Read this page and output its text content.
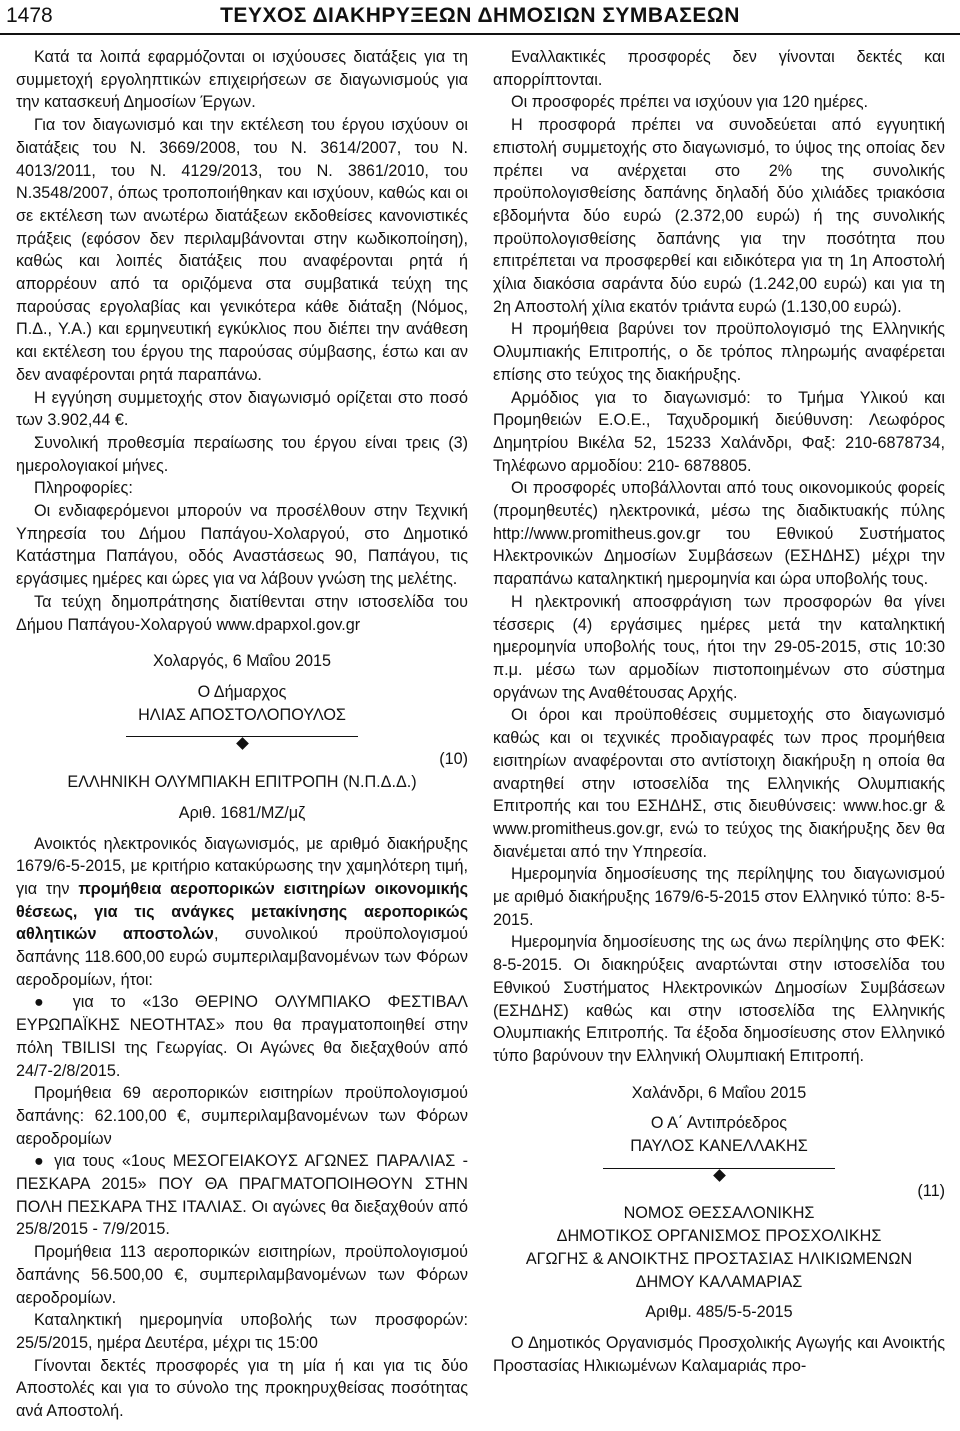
1478	ΤΕΥΧΟΣ ΔΙΑΚΗΡΥΞΕΩΝ ΔΗΜΟΣΙΩΝ ΣΥΜΒΑΣΕΩΝ

Κατά τα λοιπά εφαρμόζονται οι ισχύουσες διατάξεις για τη συμμετοχή εργοληπτικών επιχειρήσεων σε διαγωνισμούς για την κατασκευή Δημοσίων Έργων.

Για τον διαγωνισμό και την εκτέλεση του έργου ισχύουν οι διατάξεις του Ν. 3669/2008, του Ν. 3614/2007, του Ν. 4013/2011, του Ν. 4129/2013, του Ν. 3861/2010, του Ν.3548/2007, όπως τροποποιήθηκαν και ισχύουν, καθώς και οι σε εκτέλεση των ανωτέρω διατάξεων εκδοθείσες κανονιστικές πράξεις (εφόσον δεν περιλαμβάνονται στην κωδικοποίηση), καθώς και λοιπές διατάξεις που αναφέρονται ρητά ή απορρέουν από τα οριζόμενα στα συμβατικά τεύχη της παρούσας εργολαβίας και γενικότερα κάθε διάταξη (Νόμος, Π.Δ., Υ.Α.) και ερμηνευτική εγκύκλιος που διέπει την ανάθεση και εκτέλεση του έργου της παρούσας σύμβασης, έστω και αν δεν αναφέρονται ρητά παραπάνω.

Η εγγύηση συμμετοχής στον διαγωνισμό ορίζεται στο ποσό των 3.902,44 €.

Συνολική προθεσμία περαίωσης του έργου είναι τρεις (3) ημερολογιακοί μήνες.

Πληροφορίες:

Οι ενδιαφερόμενοι μπορούν να προσέλθουν στην Τεχνική Υπηρεσία του Δήμου Παπάγου-Χολαργού, στο Δημοτικό Κατάστημα Παπάγου, οδός Αναστάσεως 90, Παπάγου, τις εργάσιμες ημέρες και ώρες για να λάβουν γνώση της μελέτης.

Τα τεύχη δημοπράτησης διατίθενται στην ιστοσελίδα του Δήμου Παπάγου-Χολαργού www.dpapxol.gov.gr

Χολαργός, 6 Μαΐου 2015

Ο Δήμαρχος

ΗΛΙΑΣ ΑΠΟΣΤΟΛΟΠΟΥΛΟΣ

(10)

ΕΛΛΗΝΙΚΗ ΟΛΥΜΠΙΑΚΗ ΕΠΙΤΡΟΠΗ (Ν.Π.Δ.Δ.)

Αριθ. 1681/ΜΖ/μζ

Ανοικτός ηλεκτρονικός διαγωνισμός, με αριθμό διακήρυξης 1679/6-5-2015, με κριτήριο κατακύρωσης την χαμηλότερη τιμή, για την προμήθεια αεροπορικών εισιτηρίων οικονομικής θέσεως, για τις ανάγκες μετακίνησης αεροπορικώς αθλητικών αποστολών, συνολικού προϋπολογισμού δαπάνης 118.600,00 ευρώ συμπεριλαμβανομένων των Φόρων αεροδρομίων, ήτοι:

● για το «13ο ΘΕΡΙΝΟ ΟΛΥΜΠΙΑΚΟ ΦΕΣΤΙΒΑΛ ΕΥΡΩΠΑΪΚΗΣ ΝΕΟΤΗΤΑΣ» που θα πραγματοποιηθεί στην πόλη TBILISI της Γεωργίας. Οι Αγώνες θα διεξαχθούν από 24/7-2/8/2015.

Προμήθεια 69 αεροπορικών εισιτηρίων προϋπολογισμού δαπάνης: 62.100,00 €, συμπεριλαμβανομένων των Φόρων αεροδρομίων

● για τους «1ους ΜΕΣΟΓΕΙΑΚΟΥΣ ΑΓΩΝΕΣ ΠΑΡΑΛΙΑΣ - ΠΕΣΚΑΡΑ 2015» ΠΟΥ ΘΑ ΠΡΑΓΜΑΤΟΠΟΙΗΘΟΥΝ ΣΤΗΝ ΠΟΛΗ ΠΕΣΚΑΡΑ ΤΗΣ ΙΤΑΛΙΑΣ. Οι αγώνες θα διεξαχθούν από 25/8/2015 - 7/9/2015.

Προμήθεια 113 αεροπορικών εισιτηρίων, προϋπολογισμού δαπάνης 56.500,00 €, συμπεριλαμβανομένων των Φόρων αεροδρομίων.

Καταληκτική ημερομηνία υποβολής των προσφορών: 25/5/2015, ημέρα Δευτέρα, μέχρι τις 15:00

Γίνονται δεκτές προσφορές για τη μία ή και για τις δύο Αποστολές και για το σύνολο της προκηρυχθείσας ποσότητας ανά Αποστολή.

Εναλλακτικές προσφορές δεν γίνονται δεκτές και απορρίπτονται.

Οι προσφορές πρέπει να ισχύουν για 120 ημέρες.

Η προσφορά πρέπει να συνοδεύεται από εγγυητική επιστολή συμμετοχής στο διαγωνισμό, το ύψος της οποίας δεν πρέπει να ανέρχεται στο 2% της συνολικής προϋπολογισθείσης δαπάνης δηλαδή δύο χιλιάδες τριακόσια εβδομήντα δύο ευρώ (2.372,00 ευρώ) ή της συνολικής προϋπολογισθείσης δαπάνης για την ποσότητα που επιτρέπεται να προσφερθεί και ειδικότερα για τη 1η Αποστολή χίλια διακόσια σαράντα δύο ευρώ (1.242,00 ευρώ) και για τη 2η Αποστολή χίλια εκατόν τριάντα ευρώ (1.130,00 ευρώ).

Η προμήθεια βαρύνει τον προϋπολογισμό της Ελληνικής Ολυμπιακής Επιτροπής, ο δε τρόπος πληρωμής αναφέρεται επίσης στο τεύχος της διακήρυξης.

Αρμόδιος για το διαγωνισμό: το Τμήμα Υλικού και Προμηθειών Ε.Ο.Ε., Ταχυδρομική διεύθυνση: Λεωφόρος Δημητρίου Βικέλα 52, 15233 Χαλάνδρι, Φαξ: 210-6878734, Τηλέφωνο αρμοδίου: 210- 6878805.

Οι προσφορές υποβάλλονται από τους οικονομικούς φορείς (προμηθευτές) ηλεκτρονικά, μέσω της διαδικτυακής πύλης http://www.promitheus.gov.gr του Εθνικού Συστήματος Ηλεκτρονικών Δημοσίων Συμβάσεων (ΕΣΗΔΗΣ) μέχρι την παραπάνω καταληκτική ημερομηνία και ώρα υποβολής τους.

Η ηλεκτρονική αποσφράγιση των προσφορών θα γίνει τέσσερις (4) εργάσιμες ημέρες μετά την καταληκτική ημερομηνία υποβολής τους, ήτοι την 29-05-2015, στις 10:30 π.μ. μέσω των αρμοδίων πιστοποιημένων στο σύστημα οργάνων της Αναθέτουσας Αρχής.

Οι όροι και προϋποθέσεις συμμετοχής στο διαγωνισμό καθώς και οι τεχνικές προδιαγραφές των προς προμήθεια εισιτηρίων αναφέρονται στο αντίστοιχη διακήρυξη η οποία θα αναρτηθεί στην ιστοσελίδα της Ελληνικής Ολυμπιακής Επιτροπής και του ΕΣΗΔΗΣ, στις διευθύνσεις: www.hoc.gr & www.promitheus.gov.gr, ενώ το τεύχος της διακήρυξης δεν θα διανέμεται από την Υπηρεσία.

Ημερομηνία δημοσίευσης της περίληψης του διαγωνισμού με αριθμό διακήρυξης 1679/6-5-2015 στον Ελληνικό τύπο: 8-5-2015.

Ημερομηνία δημοσίευσης της ως άνω περίληψης στο ΦΕΚ: 8-5-2015. Οι διακηρύξεις αναρτώνται στην ιστοσελίδα του Εθνικού Συστήματος Ηλεκτρονικών Δημοσίων Συμβάσεων (ΕΣΗΔΗΣ) καθώς και στην ιστοσελίδα της Ελληνικής Ολυμπιακής Επιτροπής. Τα έξοδα δημοσίευσης στον Ελληνικό τύπο βαρύνουν την Ελληνική Ολυμπιακή Επιτροπή.

Χαλάνδρι, 6 Μαΐου 2015

Ο Α΄ Αντιπρόεδρος

ΠΑΥΛΟΣ ΚΑΝΕΛΛΑΚΗΣ

(11)

ΝΟΜΟΣ ΘΕΣΣΑΛΟΝΙΚΗΣ

ΔΗΜΟΤΙΚΟΣ ΟΡΓΑΝΙΣΜΟΣ ΠΡΟΣΧΟΛΙΚΗΣ

ΑΓΩΓΗΣ & ΑΝΟΙΚΤΗΣ ΠΡΟΣΤΑΣΙΑΣ ΗΛΙΚΙΩΜΕΝΩΝ

ΔΗΜΟΥ ΚΑΛΑΜΑΡΙΑΣ

Αριθμ. 485/5-5-2015

Ο Δημοτικός Οργανισμός Προσχολικής Αγωγής και Ανοικτής Προστασίας Ηλικιωμένων Καλαμαριάς προ-
